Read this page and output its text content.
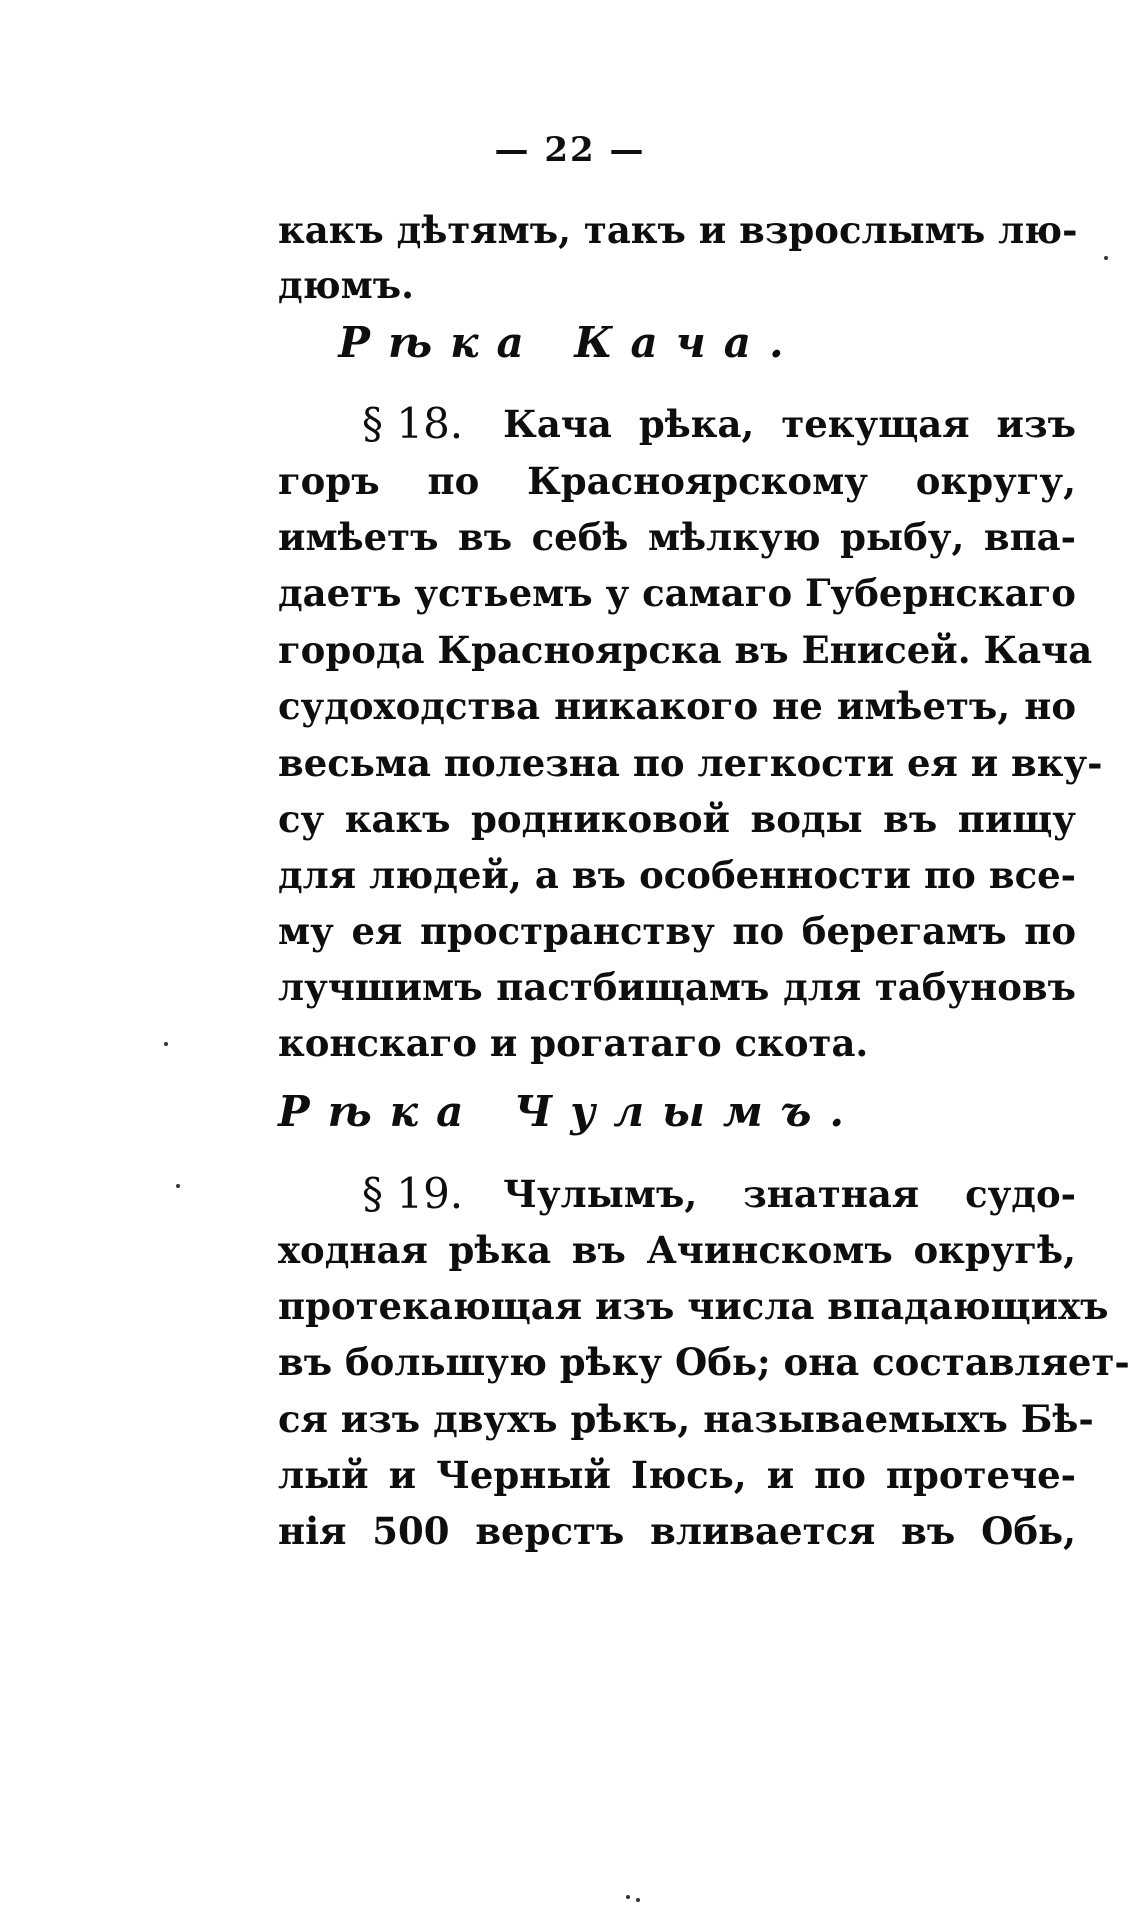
— 22 —
какъ дѣтямъ, такъ и взрослымъ лю-
дюмъ.
Рѣка Кача.
§ 18. Кача рѣка, текущая изъ
горъ по Красноярскому округу,
имѣетъ въ себѣ мѣлкую рыбу, впа-
даетъ устьемъ у самаго Губернскаго
города Красноярска въ Енисей. Кача
судоходства никакого не имѣетъ, но
весьма полезна по легкости ея и вку-
су какъ родниковой воды въ пищу
для людей, а въ особенности по все-
му ея пространству по берегамъ по
лучшимъ пастбищамъ для табуновъ
конскаго и рогатаго скота.
Рѣка Чулымъ.
§ 19. Чулымъ, знатная судо-
ходная рѣка въ Ачинскомъ округѣ,
протекающая изъ числа впадающихъ
въ большую рѣку Обь; она составляет-
ся изъ двухъ рѣкъ, называемыхъ Бѣ-
лый и Черный Іюсь, и по протече-
нія 500 верстъ вливается въ Обь,
